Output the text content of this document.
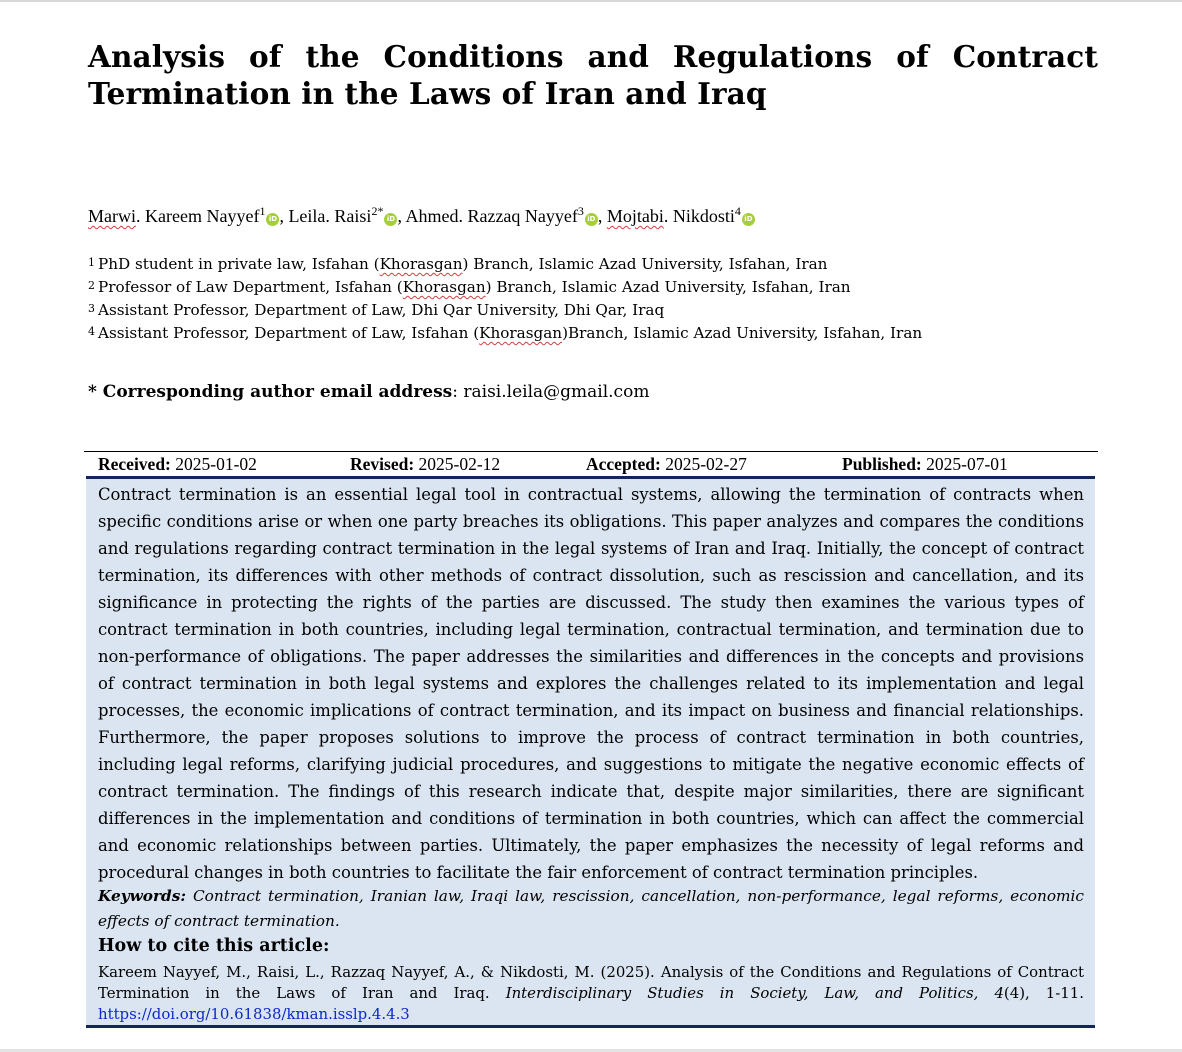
Analysis of the Conditions and Regulations of Contract Termination in the Laws of Iran and Iraq
Marwi. Kareem Nayyef$^1$iD , Leila. Raisi$^{2*}$iD , Ahmed. Razzaq Nayyef$^3$iD , Mojtabi. Nikdosti$^4$iD
1 PhD student in private law, Isfahan (Khorasgan) Branch, Islamic Azad University, Isfahan, Iran
2 Professor of Law Department, Isfahan (Khorasgan) Branch, Islamic Azad University, Isfahan, Iran
3 Assistant Professor, Department of Law, Dhi Qar University, Dhi Qar, Iraq
4 Assistant Professor, Department of Law, Isfahan (Khorasgan)Branch, Islamic Azad University, Isfahan, Iran
* Corresponding author email address: raisi.leila@gmail.com
Received: 2025-01-02	Revised: 2025-02-12	Accepted: 2025-02-27	Published: 2025-07-01

Contract termination is an essential legal tool in contractual systems, allowing the termination of contracts when specific conditions arise or when one party breaches its obligations. This paper analyzes and compares the conditions and regulations regarding contract termination in the legal systems of Iran and Iraq. Initially, the concept of contract termination, its differences with other methods of contract dissolution, such as rescission and cancellation, and its significance in protecting the rights of the parties are discussed. The study then examines the various types of contract termination in both countries, including legal termination, contractual termination, and termination due to non-performance of obligations. The paper addresses the similarities and differences in the concepts and provisions of contract termination in both legal systems and explores the challenges related to its implementation and legal processes, the economic implications of contract termination, and its impact on business and financial relationships. Furthermore, the paper proposes solutions to improve the process of contract termination in both countries, including legal reforms, clarifying judicial procedures, and suggestions to mitigate the negative economic effects of contract termination. The findings of this research indicate that, despite major similarities, there are significant differences in the implementation and conditions of termination in both countries, which can affect the commercial and economic relationships between parties. Ultimately, the paper emphasizes the necessity of legal reforms and procedural changes in both countries to facilitate the fair enforcement of contract termination principles.

Keywords: Contract termination, Iranian law, Iraqi law, rescission, cancellation, non-performance, legal reforms, economic effects of contract termination.

How to cite this article:

Kareem Nayyef, M., Raisi, L., Razzaq Nayyef, A., & Nikdosti, M. (2025). Analysis of the Conditions and Regulations of Contract Termination in the Laws of Iran and Iraq. Interdisciplinary Studies in Society, Law, and Politics, 4(4), 1-11. https://doi.org/10.61838/kman.isslp.4.4.3
